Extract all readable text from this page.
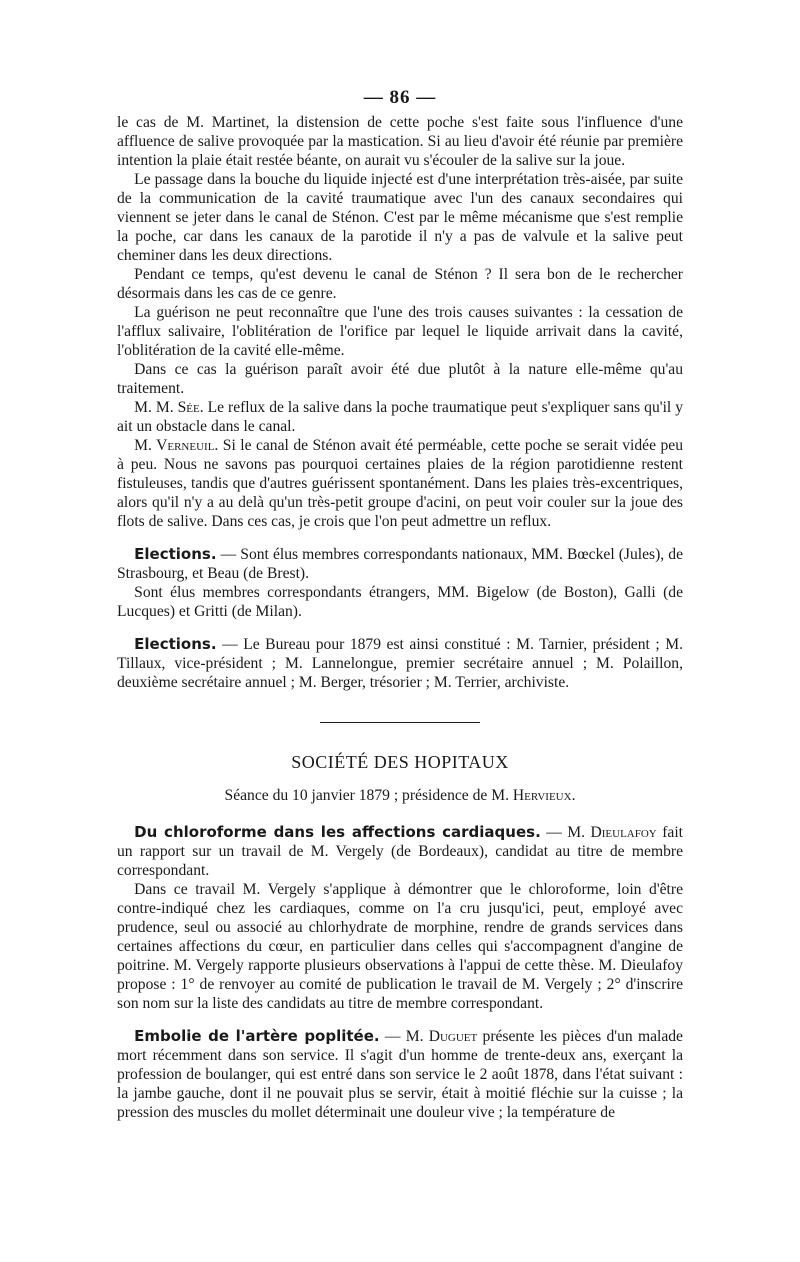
— 86 —

le cas de M. Martinet, la distension de cette poche s'est faite sous l'influence d'une affluence de salive provoquée par la mastication. Si au lieu d'avoir été réunie par première intention la plaie était restée béante, on aurait vu s'écouler de la salive sur la joue.

Le passage dans la bouche du liquide injecté est d'une interprétation très-aisée, par suite de la communication de la cavité traumatique avec l'un des canaux secondaires qui viennent se jeter dans le canal de Sténon. C'est par le même mécanisme que s'est remplie la poche, car dans les canaux de la parotide il n'y a pas de valvule et la salive peut cheminer dans les deux directions.

Pendant ce temps, qu'est devenu le canal de Sténon ? Il sera bon de le rechercher désormais dans les cas de ce genre.

La guérison ne peut reconnaître que l'une des trois causes suivantes : la cessation de l'afflux salivaire, l'oblitération de l'orifice par lequel le liquide arrivait dans la cavité, l'oblitération de la cavité elle-même.

Dans ce cas la guérison paraît avoir été due plutôt à la nature elle-même qu'au traitement.

M. M. Sée. Le reflux de la salive dans la poche traumatique peut s'expliquer sans qu'il y ait un obstacle dans le canal.

M. Verneuil. Si le canal de Sténon avait été perméable, cette poche se serait vidée peu à peu. Nous ne savons pas pourquoi certaines plaies de la région parotidienne restent fistuleuses, tandis que d'autres guérissent spontanément. Dans les plaies très-excentriques, alors qu'il n'y a au delà qu'un très-petit groupe d'acini, on peut voir couler sur la joue des flots de salive. Dans ces cas, je crois que l'on peut admettre un reflux.

Elections. — Sont élus membres correspondants nationaux, MM. Bœckel (Jules), de Strasbourg, et Beau (de Brest).

Sont élus membres correspondants étrangers, MM. Bigelow (de Boston), Galli (de Lucques) et Gritti (de Milan).

Elections. — Le Bureau pour 1879 est ainsi constitué : M. Tarnier, président ; M. Tillaux, vice-président ; M. Lannelongue, premier secrétaire annuel ; M. Polaillon, deuxième secrétaire annuel ; M. Berger, trésorier ; M. Terrier, archiviste.

SOCIÉTÉ DES HOPITAUX

Séance du 10 janvier 1879 ; présidence de M. Hervieux.

Du chloroforme dans les affections cardiaques. — M. Dieulafoy fait un rapport sur un travail de M. Vergely (de Bordeaux), candidat au titre de membre correspondant.

Dans ce travail M. Vergely s'applique à démontrer que le chloroforme, loin d'être contre-indiqué chez les cardiaques, comme on l'a cru jusqu'ici, peut, employé avec prudence, seul ou associé au chlorhydrate de morphine, rendre de grands services dans certaines affections du cœur, en particulier dans celles qui s'accompagnent d'angine de poitrine. M. Vergely rapporte plusieurs observations à l'appui de cette thèse. M. Dieulafoy propose : 1° de renvoyer au comité de publication le travail de M. Vergely ; 2° d'inscrire son nom sur la liste des candidats au titre de membre correspondant.

Embolie de l'artère poplitée. — M. Duguet présente les pièces d'un malade mort récemment dans son service. Il s'agit d'un homme de trente-deux ans, exerçant la profession de boulanger, qui est entré dans son service le 2 août 1878, dans l'état suivant : la jambe gauche, dont il ne pouvait plus se servir, était à moitié fléchie sur la cuisse ; la pression des muscles du mollet déterminait une douleur vive ; la température de
